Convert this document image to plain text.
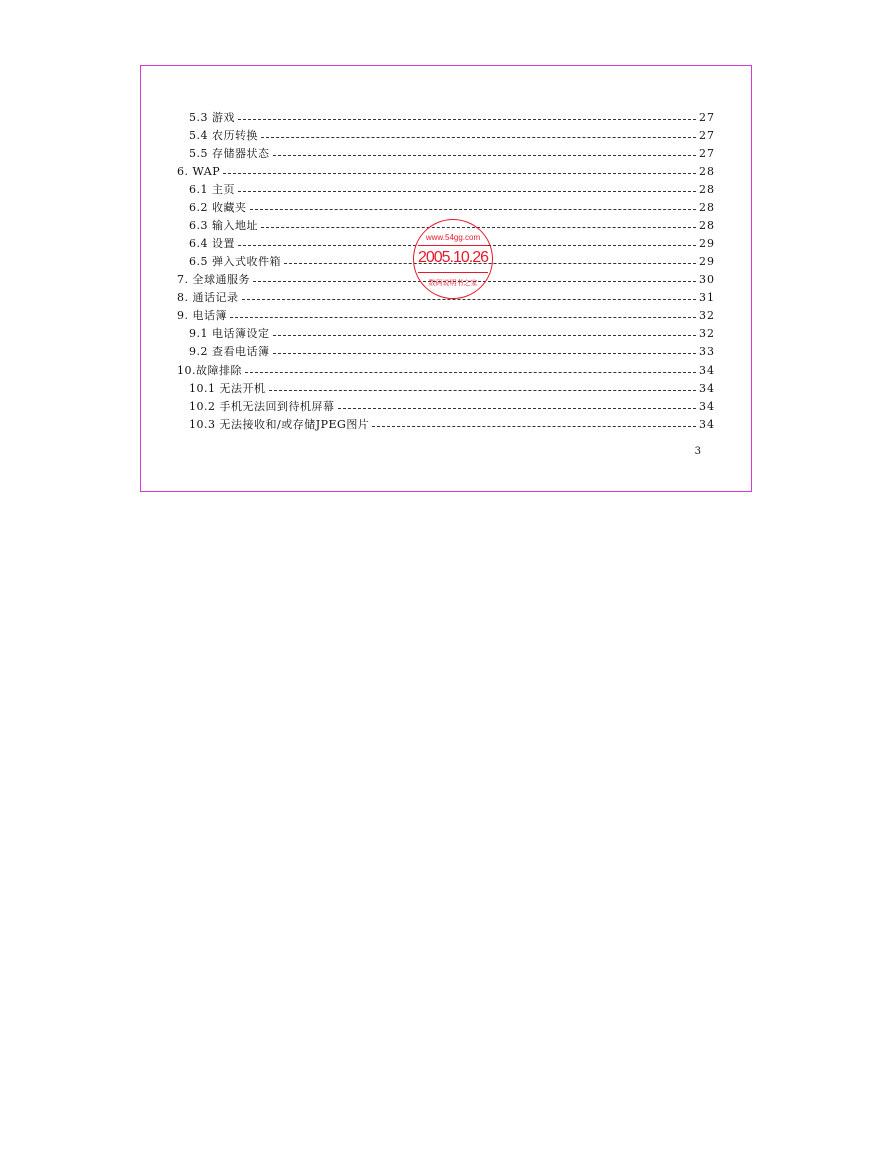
5.3 游戏	27
5.4 农历转换	27
5.5 存储器状态	27
6. WAP	28
6.1 主页	28
6.2 收藏夹	28
6.3 输入地址	28
6.4 设置	29
6.5 弹入式收件箱	29
7. 全球通服务	30
8. 通话记录	31
9. 电话簿	32
9.1 电话簿设定	32
9.2 查看电话簿	33
10.故障排除	34
10.1 无法开机	34
10.2 手机无法回到待机屏幕	34
10.3 无法接收和/或存储JPEG图片	34
3
www.54gg.com
2005.10.26
数码说明书之家
